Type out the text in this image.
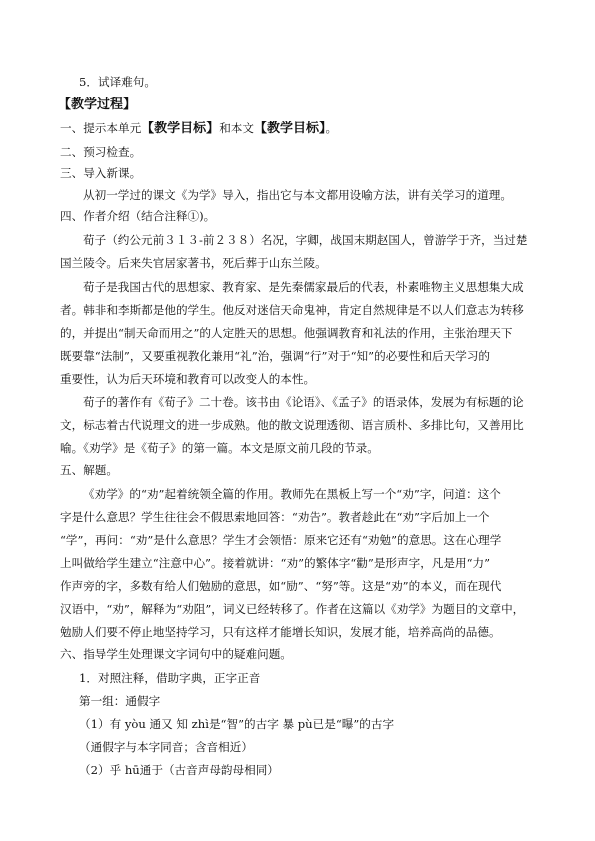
5．试译难句。
【教学过程】
一、提示本单元【教学目标】和本文【教学目标】。
二、预习检查。
三、导入新课。
从初一学过的课文《为学》导入，指出它与本文都用设喻方法，讲有关学习的道理。
四、作者介绍（结合注释①)。
荀子（约公元前３１３-前２３８）名况，字卿，战国末期赵国人，曾游学于齐，当过楚
国兰陵令。后来失官居家著书，死后葬于山东兰陵。
荀子是我国古代的思想家、教育家、是先秦儒家最后的代表，朴素唯物主义思想集大成
者。韩非和李斯都是他的学生。他反对迷信天命鬼神，肯定自然规律是不以人们意志为转移
的，并提出“制天命而用之”的人定胜天的思想。他强调教育和礼法的作用，主张治理天下
既要靠“法制”，又要重视教化兼用“礼”治，强调“行”对于“知”的必要性和后天学习的
重要性，认为后天环境和教育可以改变人的本性。
荀子的著作有《荀子》二十卷。该书由《论语》、《孟子》的语录体，发展为有标题的论
文，标志着古代说理文的进一步成熟。他的散文说理透彻、语言质朴、多排比句，又善用比
喻。《劝学》是《荀子》的第一篇。本文是原文前几段的节录。
五、解题。
《劝学》的“劝”起着统领全篇的作用。教师先在黑板上写一个“劝”字，问道：这个
字是什么意思？学生往往会不假思索地回答：“劝告”。教者趁此在“劝”字后加上一个
“学”，再问：“劝”是什么意思？学生才会领悟：原来它还有“劝勉”的意思。这在心理学
上叫做给学生建立“注意中心”。接着就讲：“劝”的繁体字“勸”是形声字，凡是用“力”
作声旁的字，多数有给人们勉励的意思，如“励”、“努”等。这是“劝”的本义，而在现代
汉语中，“劝”，解释为“劝阻”，词义已经转移了。作者在这篇以《劝学》为题目的文章中，
勉励人们要不停止地坚持学习，只有这样才能增长知识，发展才能，培养高尚的品德。
六、指导学生处理课文字词句中的疑难问题。
1．对照注释，借助字典，正字正音
第一组：通假字
（1）有 yòu 通又 知 zhì是“智”的古字 暴 pù已是“曝”的古字
（通假字与本字同音；含音相近）
（2）乎 hū通于（古音声母韵母相同）
